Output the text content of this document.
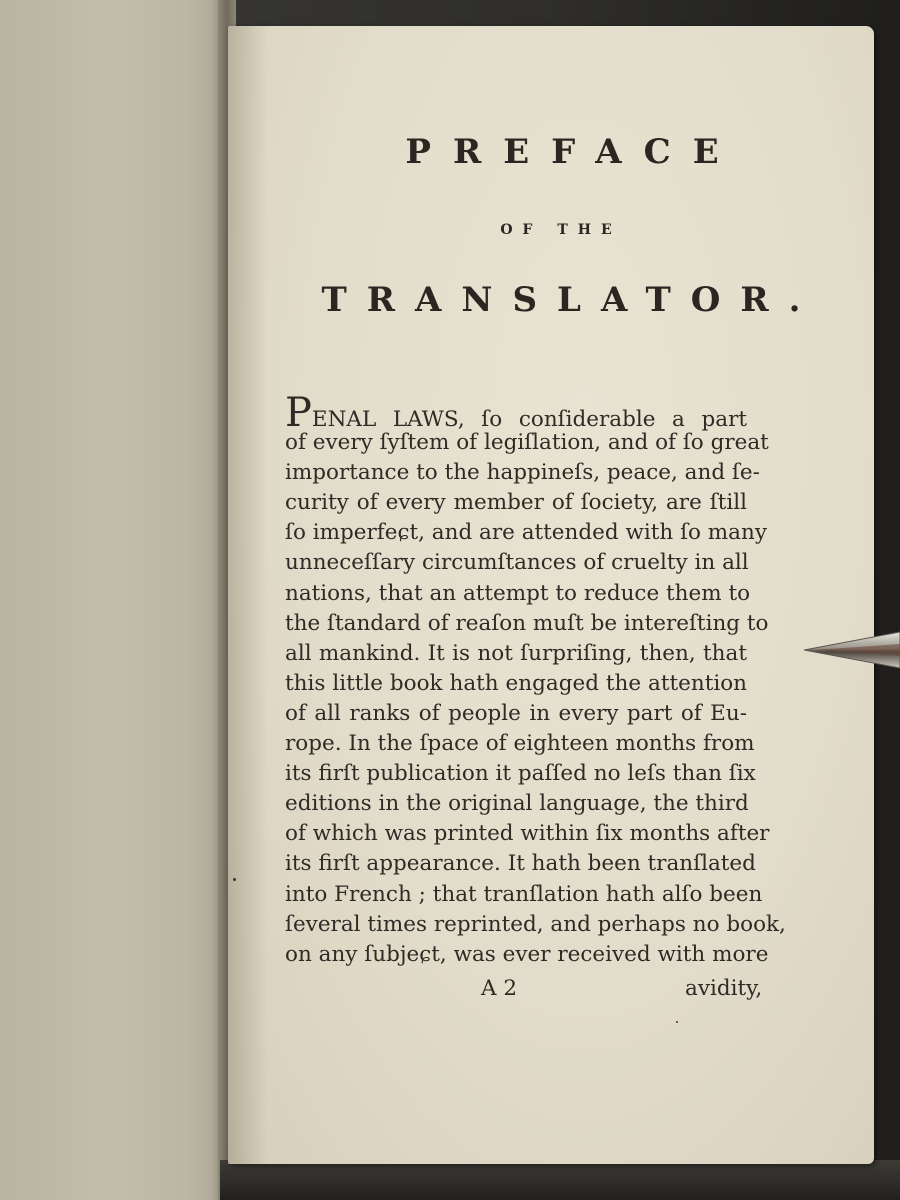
PREFACE
OF THE
TRANSLATOR.
PENAL LAWS, ſo conſiderable a part
of every ſyſtem of legiſlation, and of ſo great
importance to the happineſs, peace, and ſe-
curity of every member of ſociety, are ſtill
ſo imperfeɕt, and are attended with ſo many
unneceſſary circumſtances of cruelty in all
nations, that an attempt to reduce them to
the ſtandard of reaſon muſt be intereſting to
all mankind. It is not ſurpriſing, then, that
this little book hath engaged the attention
of all ranks of people in every part of Eu-
rope. In the ſpace of eighteen months from
its firſt publication it paſſed no leſs than ſix
editions in the original language, the third
of which was printed within ſix months after
its firſt appearance. It hath been tranſlated
into French ; that tranſlation hath alſo been
ſeveral times reprinted, and perhaps no book,
on any ſubjeɕt, was ever received with more
A 2	avidity,
